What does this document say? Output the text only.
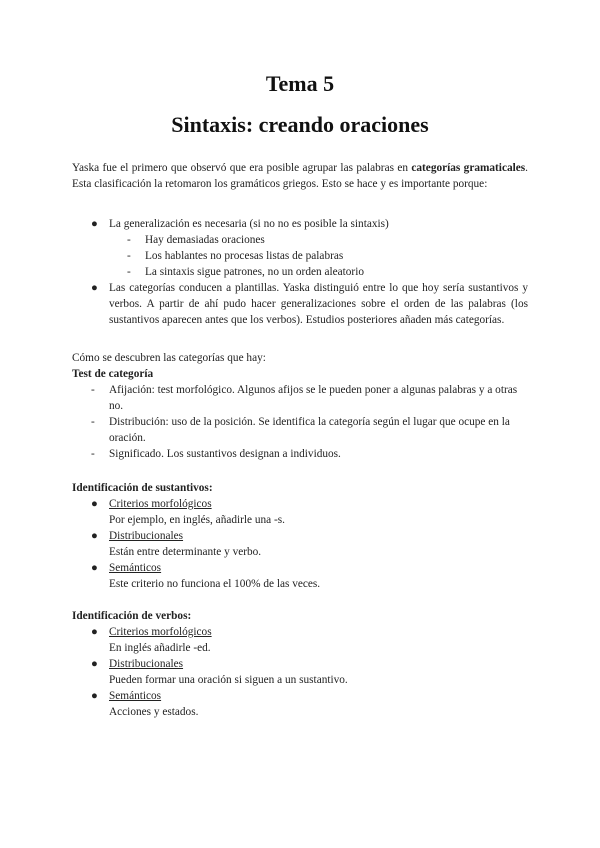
Tema 5
Sintaxis: creando oraciones

Yaska fue el primero que observó que era posible agrupar las palabras en categorías gramaticales. Esta clasificación la retomaron los gramáticos griegos. Esto se hace y es importante porque:

● La generalización es necesaria (si no no es posible la sintaxis)
- Hay demasiadas oraciones
- Los hablantes no procesas listas de palabras
- La sintaxis sigue patrones, no un orden aleatorio
● Las categorías conducen a plantillas. Yaska distinguió entre lo que hoy sería sustantivos y verbos. A partir de ahí pudo hacer generalizaciones sobre el orden de las palabras (los sustantivos aparecen antes que los verbos). Estudios posteriores añaden más categorías.

Cómo se descubren las categorías que hay:

Test de categoría

- Afijación: test morfológico. Algunos afijos se le pueden poner a algunas palabras y a otras no.
- Distribución: uso de la posición. Se identifica la categoría según el lugar que ocupe en la oración.
- Significado. Los sustantivos designan a individuos.

Identificación de sustantivos:

● Criterios morfológicos
Por ejemplo, en inglés, añadirle una -s.
● Distribucionales
Están entre determinante y verbo.
● Semánticos
Este criterio no funciona el 100% de las veces.

Identificación de verbos:

● Criterios morfológicos
En inglés añadirle -ed.
● Distribucionales
Pueden formar una oración si siguen a un sustantivo.
● Semánticos
Acciones y estados.
